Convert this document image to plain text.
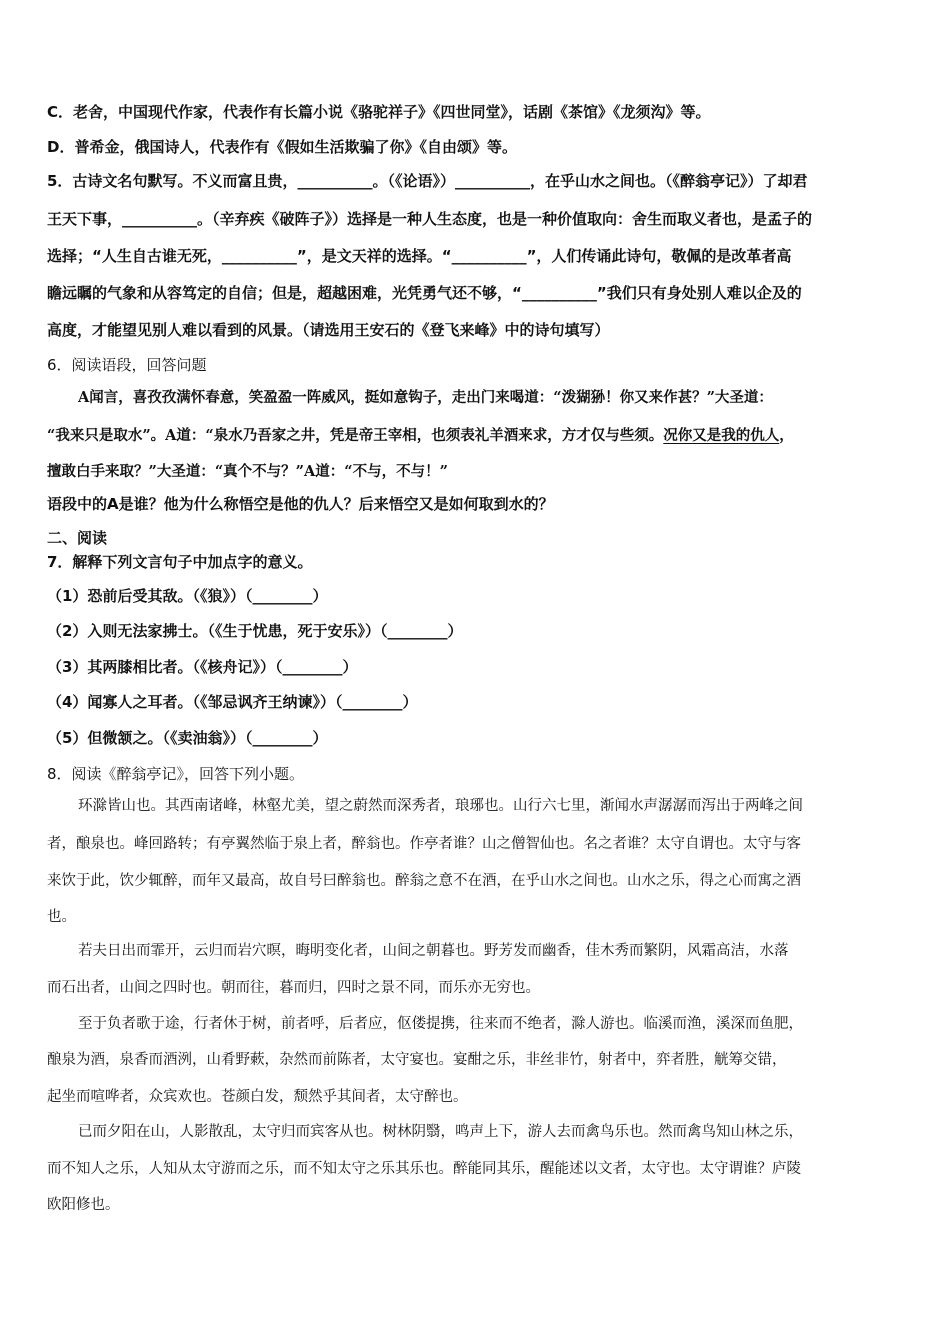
C．老舍，中国现代作家，代表作有长篇小说《骆驼祥子》《四世同堂》，话剧《茶馆》《龙须沟》等。
D．普希金，俄国诗人，代表作有《假如生活欺骗了你》《自由颂》等。
5．古诗文名句默写。不义而富且贵，__________。（《论语》）__________，在乎山水之间也。（《醉翁亭记》）了却君
王天下事，__________。（辛弃疾《破阵子》）选择是一种人生态度，也是一种价值取向：舍生而取义者也，是孟子的
选择；“人生自古谁无死，__________”，是文天祥的选择。“__________”，人们传诵此诗句，敬佩的是改革者高
瞻远瞩的气象和从容笃定的自信；但是，超越困难，光凭勇气还不够，“__________”我们只有身处别人难以企及的
高度，才能望见别人难以看到的风景。（请选用王安石的《登飞来峰》中的诗句填写）
6．阅读语段，回答问题
A闻言，喜孜孜满怀春意，笑盈盈一阵威风，挺如意钩子，走出门来喝道：“泼猢狲！你又来作甚？”大圣道：
“我来只是取水”。A道：“泉水乃吾家之井，凭是帝王宰相，也须表礼羊酒来求，方才仅与些须。况你又是我的仇人，
擅敢白手来取？”大圣道：“真个不与？”A道：“不与，不与！”
语段中的A是谁？他为什么称悟空是他的仇人？后来悟空又是如何取到水的？
二、阅读
7．解释下列文言句子中加点字的意义。
（1）恐前后受其敌。（《狼》）（________）
（2）入则无法家拂士。（《生于忧患，死于安乐》）（________）
（3）其两膝相比者。（《核舟记》）（________）
（4）闻寡人之耳者。（《邹忌讽齐王纳谏》）（________）
（5）但微颔之。（《卖油翁》）（________）
8．阅读《醉翁亭记》，回答下列小题。
环滁皆山也。其西南诸峰，林壑尤美，望之蔚然而深秀者，琅琊也。山行六七里，渐闻水声潺潺而泻出于两峰之间
者，酿泉也。峰回路转；有亭翼然临于泉上者，醉翁也。作亭者谁？山之僧智仙也。名之者谁？太守自谓也。太守与客
来饮于此，饮少辄醉，而年又最高，故自号曰醉翁也。醉翁之意不在酒，在乎山水之间也。山水之乐，得之心而寓之酒
也。
若夫日出而霏开，云归而岩穴暝，晦明变化者，山间之朝暮也。野芳发而幽香，佳木秀而繁阴，风霜高洁，水落
而石出者，山间之四时也。朝而往，暮而归，四时之景不同，而乐亦无穷也。
至于负者歌于途，行者休于树，前者呼，后者应，伛偻提携，往来而不绝者，滁人游也。临溪而渔，溪深而鱼肥，
酿泉为酒，泉香而酒洌，山肴野蔌，杂然而前陈者，太守宴也。宴酣之乐，非丝非竹，射者中，弈者胜，觥筹交错，
起坐而喧哗者，众宾欢也。苍颜白发，颓然乎其间者，太守醉也。
已而夕阳在山，人影散乱，太守归而宾客从也。树林阴翳，鸣声上下，游人去而禽鸟乐也。然而禽鸟知山林之乐，
而不知人之乐，人知从太守游而之乐，而不知太守之乐其乐也。醉能同其乐，醒能述以文者，太守也。太守谓谁？庐陵
欧阳修也。
